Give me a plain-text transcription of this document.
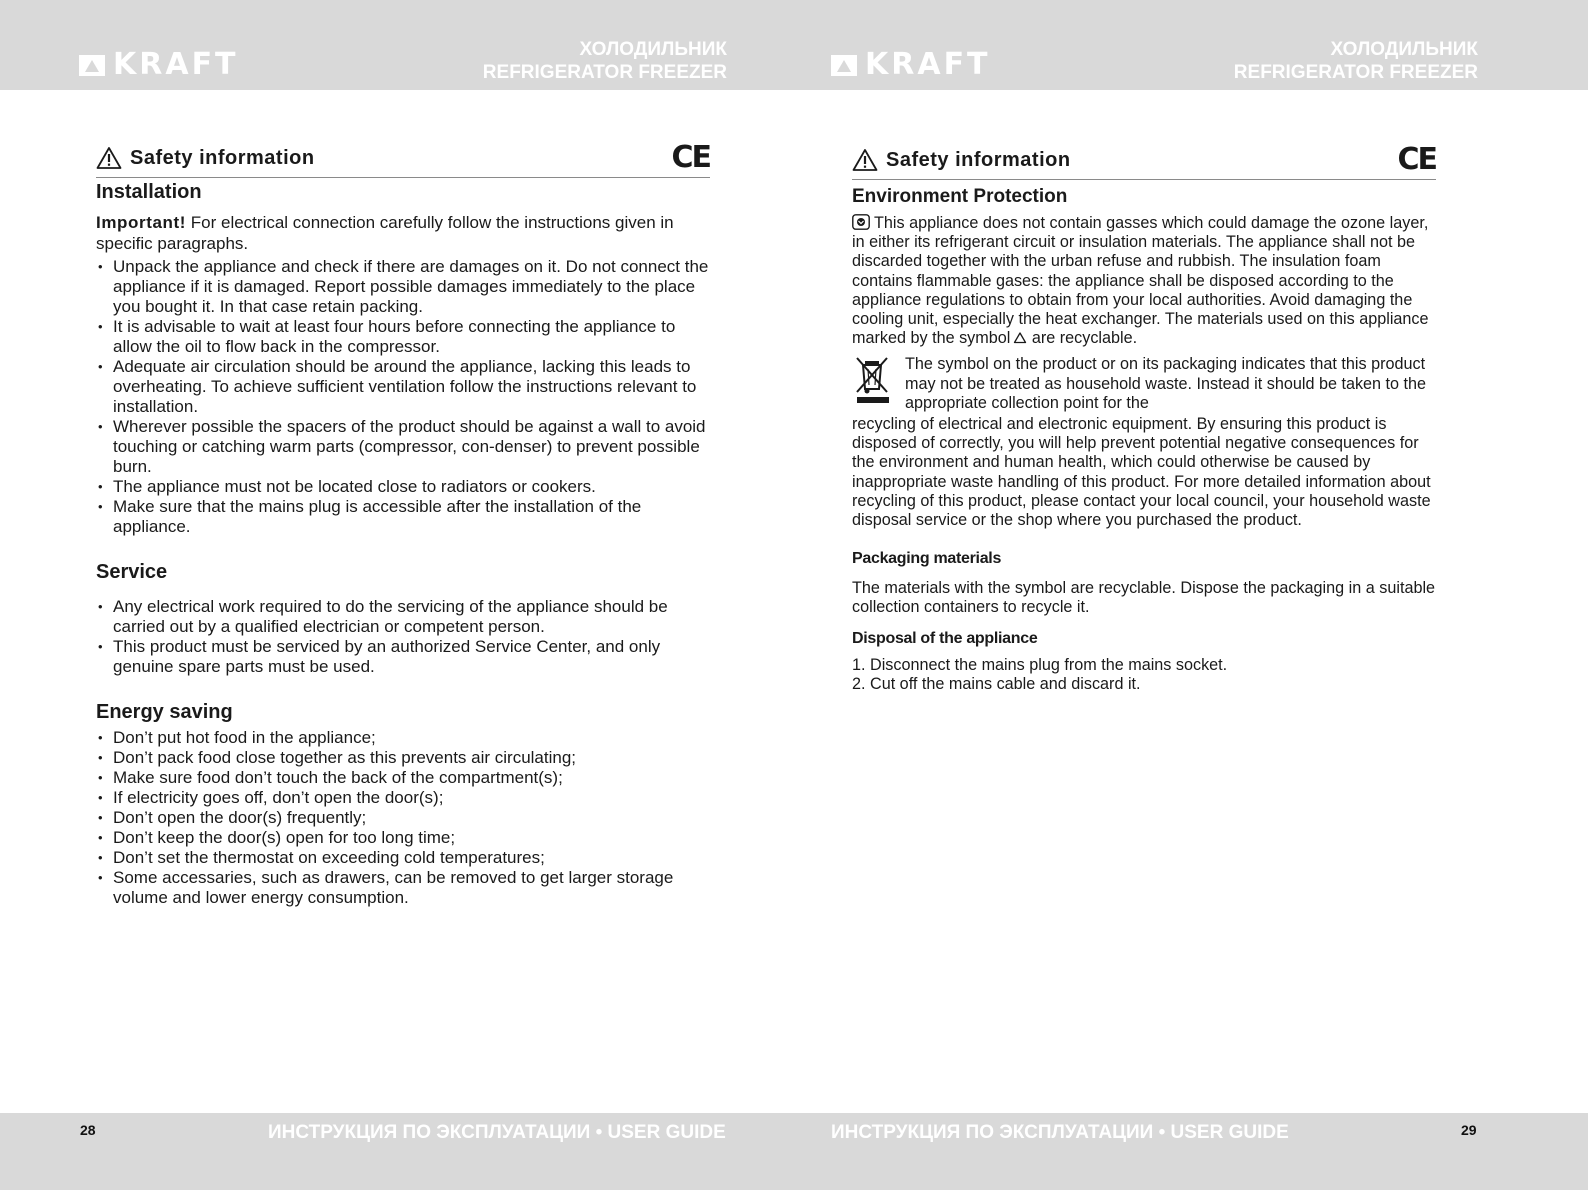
KRAFT	ХОЛОДИЛЬНИК
REFRIGERATOR FREEZER	KRAFT	ХОЛОДИЛЬНИК
REFRIGERATOR FREEZER
Safety information	CE
Installation

Important! For electrical connection carefully follow the instructions given in specific paragraphs.

• Unpack the appliance and check if there are damages on it. Do not connect the appliance if it is damaged. Report possible damages immediately to the place you bought it. In that case retain packing.
• It is advisable to wait at least four hours before connecting the appliance to allow the oil to flow back in the compressor.
• Adequate air circulation should be around the appliance, lacking this leads to overheating. To achieve sufficient ventilation follow the instructions relevant to installation.
• Wherever possible the spacers of the product should be against a wall to avoid touching or catching warm parts (compressor, con-denser) to prevent possible burn.
• The appliance must not be located close to radiators or cookers.
• Make sure that the mains plug is accessible after the installation of the appliance.
Service
• Any electrical work required to do the servicing of the appliance should be carried out by a qualified electrician or competent person.
• This product must be serviced by an authorized Service Center, and only genuine spare parts must be used.
Energy saving
• Don’t put hot food in the appliance;
• Don’t pack food close together as this prevents air circulating;
• Make sure food don’t touch the back of the compartment(s);
• If electricity goes off, don’t open the door(s);
• Don’t open the door(s) frequently;
• Don’t keep the door(s) open for too long time;
• Don’t set the thermostat on exceeding cold temperatures;
• Some accessaries, such as drawers, can be removed to get larger storage volume and lower energy consumption.
Safety information	CE
Environment Protection

This appliance does not contain gasses which could damage the ozone layer, in either its refrigerant circuit or insulation materials. The appliance shall not be discarded together with the urban refuse and rubbish. The insulation foam contains flammable gases: the appliance shall be disposed according to the appliance regulations to obtain from your local authorities. Avoid damaging the cooling unit, especially the heat exchanger. The materials used on this appliance marked by the symbol are recyclable.

The symbol on the product or on its packaging indicates that this product may not be treated as household waste. Instead it should be taken to the appropriate collection point for the

recycling of electrical and electronic equipment. By ensuring this product is disposed of correctly, you will help prevent potential negative consequences for the environment and human health, which could otherwise be caused by inappropriate waste handling of this product. For more detailed information about recycling of this product, please contact your local council, your household waste disposal service or the shop where you purchased the product.

Packaging materials

The materials with the symbol are recyclable. Dispose the packaging in a suitable collection containers to recycle it.

Disposal of the appliance

1. Disconnect the mains plug from the mains socket.

2. Cut off the mains cable and discard it.

28	ИНСТРУКЦИЯ ПО ЭКСПЛУАТАЦИИ • USER GUIDE	ИНСТРУКЦИЯ ПО ЭКСПЛУАТАЦИИ • USER GUIDE	29
